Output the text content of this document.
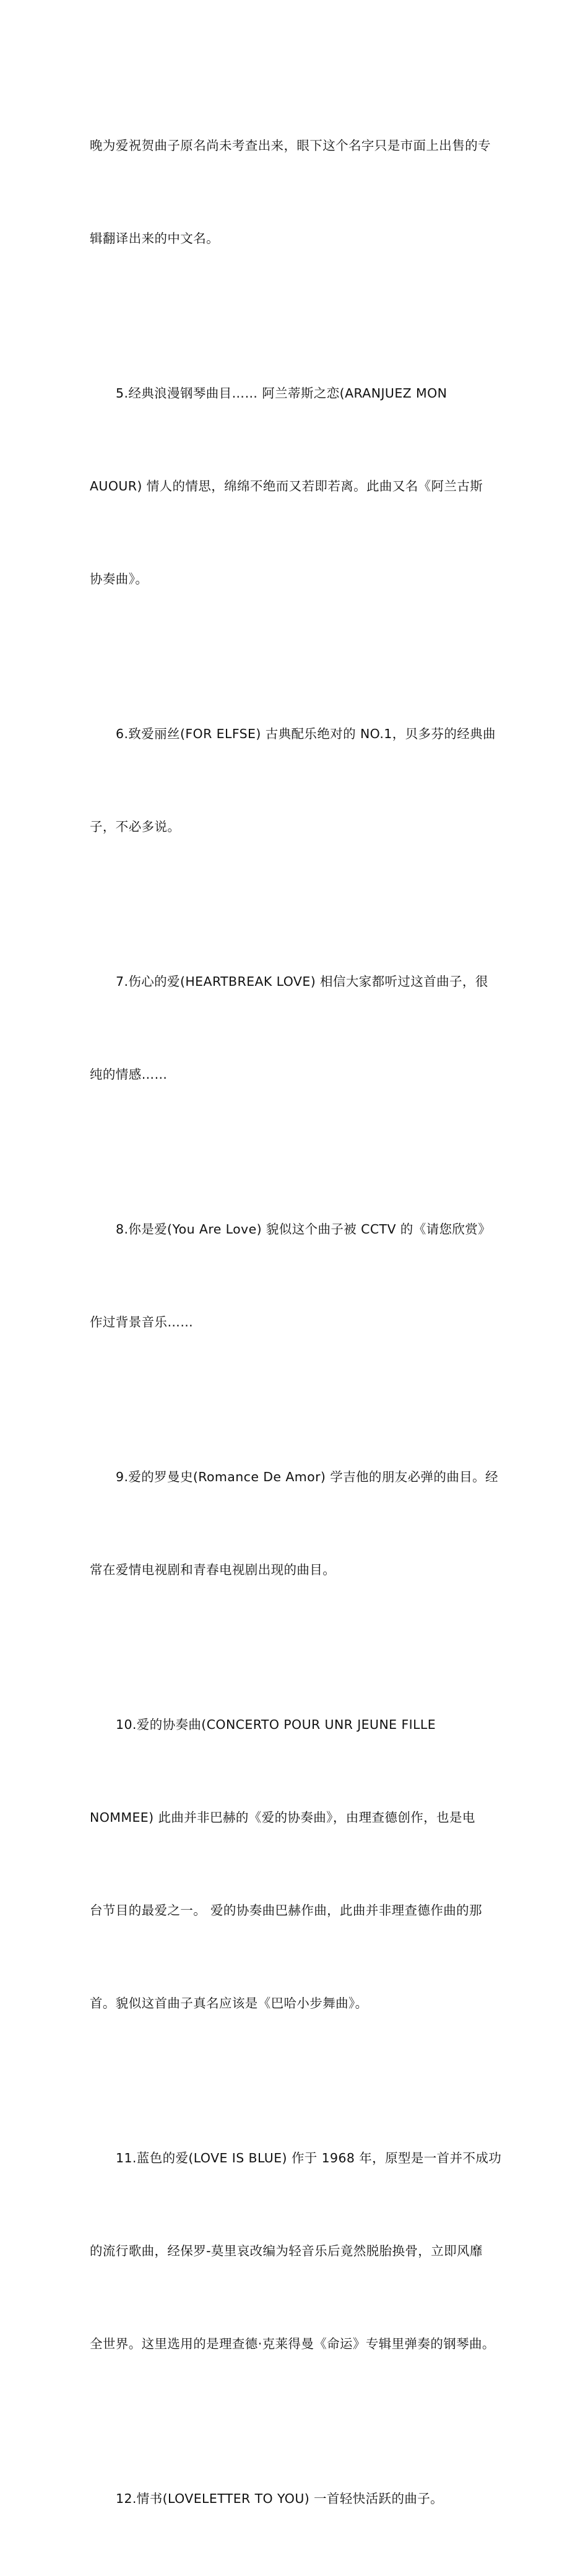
晚为爱祝贺曲子原名尚未考查出来，眼下这个名字只是市面上出售的专

辑翻译出来的中文名。

5.经典浪漫钢琴曲目…… 阿兰蒂斯之恋(ARANJUEZ MON

AUOUR) 情人的情思，绵绵不绝而又若即若离。此曲又名《阿兰古斯

协奏曲》。

6.致爱丽丝(FOR ELFSE) 古典配乐绝对的 NO.1，贝多芬的经典曲

子，不必多说。

7.伤心的爱(HEARTBREAK LOVE) 相信大家都听过这首曲子，很

纯的情感……

8.你是爱(You Are Love) 貌似这个曲子被 CCTV 的《请您欣赏》

作过背景音乐……

9.爱的罗曼史(Romance De Amor) 学吉他的朋友必弹的曲目。经

常在爱情电视剧和青春电视剧出现的曲目。

10.爱的协奏曲(CONCERTO POUR UNR JEUNE FILLE

NOMMEE) 此曲并非巴赫的《爱的协奏曲》，由理查德创作，也是电

台节目的最爱之一。 爱的协奏曲巴赫作曲，此曲并非理查德作曲的那

首。貌似这首曲子真名应该是《巴哈小步舞曲》。

11.蓝色的爱(LOVE IS BLUE) 作于 1968 年，原型是一首并不成功

的流行歌曲，经保罗-莫里哀改编为轻音乐后竟然脱胎换骨，立即风靡

全世界。这里选用的是理查德·克莱得曼《命运》专辑里弹奏的钢琴曲。

12.情书(LOVELETTER TO YOU) 一首轻快活跃的曲子。
